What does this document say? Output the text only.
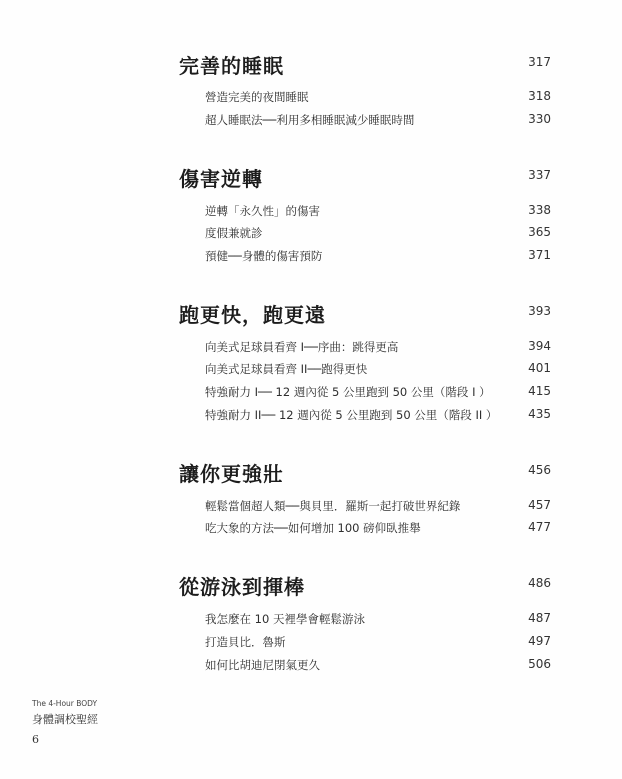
完善的睡眠	317
營造完美的夜間睡眠	318
超人睡眠法──利用多相睡眠減少睡眠時間	330
傷害逆轉	337
逆轉「永久性」的傷害	338
度假兼就診	365
預健──身體的傷害預防	371
跑更快，跑更遠	393
向美式足球員看齊 I──序曲：跳得更高	394
向美式足球員看齊 II──跑得更快	401
特強耐力 I── 12 週內從 5 公里跑到 50 公里（階段 I ）	415
特強耐力 II── 12 週內從 5 公里跑到 50 公里（階段 II ）	435
讓你更強壯	456
輕鬆當個超人類──與貝里．羅斯一起打破世界紀錄	457
吃大象的方法──如何增加 100 磅仰臥推舉	477
從游泳到揮棒	486
我怎麼在 10 天裡學會輕鬆游泳	487
打造貝比．魯斯	497
如何比胡迪尼閉氣更久	506
The 4-Hour BODY
身體調校聖經
6
